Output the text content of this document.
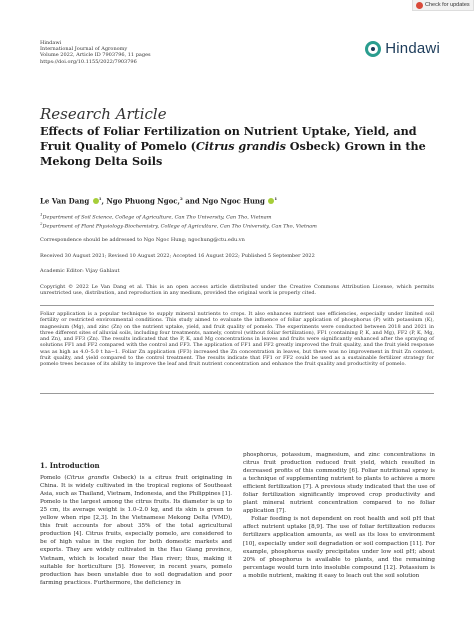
Check for updates
Hindawi
International Journal of Agronomy
Volume 2022, Article ID 7903796, 11 pages
https://doi.org/10.1155/2022/7903796
Hindawi
Research Article
Effects of Foliar Fertilization on Nutrient Uptake, Yield, and Fruit Quality of Pomelo (Citrus grandis Osbeck) Grown in the Mekong Delta Soils
Le Van Dang $^1$, Ngo Phuong Ngoc,$^2$ and Ngo Ngoc Hung $^1$
$^1$Department of Soil Science, College of Agriculture, Can Tho University, Can Tho, Vietnam
$^2$Department of Plant Physiology-Biochemistry, College of Agriculture, Can Tho University, Can Tho, Vietnam
Correspondence should be addressed to Ngo Ngoc Hung; ngochung@ctu.edu.vn
Received 30 August 2021; Revised 10 August 2022; Accepted 16 August 2022; Published 5 September 2022
Academic Editor: Vijay Gahlaut
Copyright © 2022 Le Van Dang et al. This is an open access article distributed under the Creative Commons Attribution License, which permits unrestricted use, distribution, and reproduction in any medium, provided the original work is properly cited.
Foliar application is a popular technique to supply mineral nutrients to crops. It also enhances nutrient use efficiencies, especially under limited soil fertility or restricted environmental conditions. This study aimed to evaluate the influence of foliar application of phosphorus (P) with potassium (K), magnesium (Mg), and zinc (Zn) on the nutrient uptake, yield, and fruit quality of pomelo. The experiments were conducted between 2018 and 2021 in three different sites of alluvial soils, including four treatments, namely, control (without foliar fertilization), FF1 (containing P, K, and Mg), FF2 (P, K, Mg, and Zn), and FF3 (Zn). The results indicated that the P, K, and Mg concentrations in leaves and fruits were significantly enhanced after the spraying of solutions FF1 and FF2 compared with the control and FF3. The application of FF1 and FF2 greatly improved the fruit quality, and the fruit yield response was as high as 4.0–5.0 t ha−1. Foliar Zn application (FF3) increased the Zn concentration in leaves, but there was no improvement in fruit Zn content, fruit quality, and yield compared to the control treatment. The results indicate that FF1 or FF2 could be used as a sustainable fertilizer strategy for pomelo trees because of its ability to improve the leaf and fruit nutrient concentration and enhance the fruit quality and productivity of pomelo.
1. Introduction
Pomelo (Citrus grandis Osbeck) is a citrus fruit originating in China. It is widely cultivated in the tropical regions of Southeast Asia, such as Thailand, Vietnam, Indonesia, and the Philippines [1]. Pomelo is the largest among the citrus fruits. Its diameter is up to 25 cm, its average weight is 1.0–2.0 kg, and its skin is green to yellow when ripe [2,3]. In the Vietnamese Mekong Delta (VMD), this fruit accounts for about 35% of the total agricultural production [4]. Citrus fruits, especially pomelo, are considered to be of high value in the region for both domestic markets and exports. They are widely cultivated in the Hau Giang province, Vietnam, which is located near the Hau river; thus, making it suitable for horticulture [5]. However, in recent years, pomelo production has been unstable due to soil degradation and poor farming practices. Furthermore, the deficiency in
phosphorus, potassium, magnesium, and zinc concentrations in citrus fruit production reduced fruit yield, which resulted in decreased profits of this commodity [6]. Foliar nutritional spray is a technique of supplementing nutrient to plants to achieve a more efficient fertilization [7]. A previous study indicated that the use of foliar fertilization significantly improved crop productivity and plant mineral nutrient concentration compared to no foliar application [7].
Foliar feeding is not dependent on root health and soil pH that affect nutrient uptake [8,9]. The use of foliar fertilization reduces fertilizers application amounts, as well as its loss to environment [10], especially under soil degradation or soil compaction [11]. For example, phosphorus easily precipitates under low soil pH; about 20% of phosphorus is available to plants, and the remaining percentage would turn into insoluble compound [12]. Potassium is a mobile nutrient, making it easy to leach out the soil solution
